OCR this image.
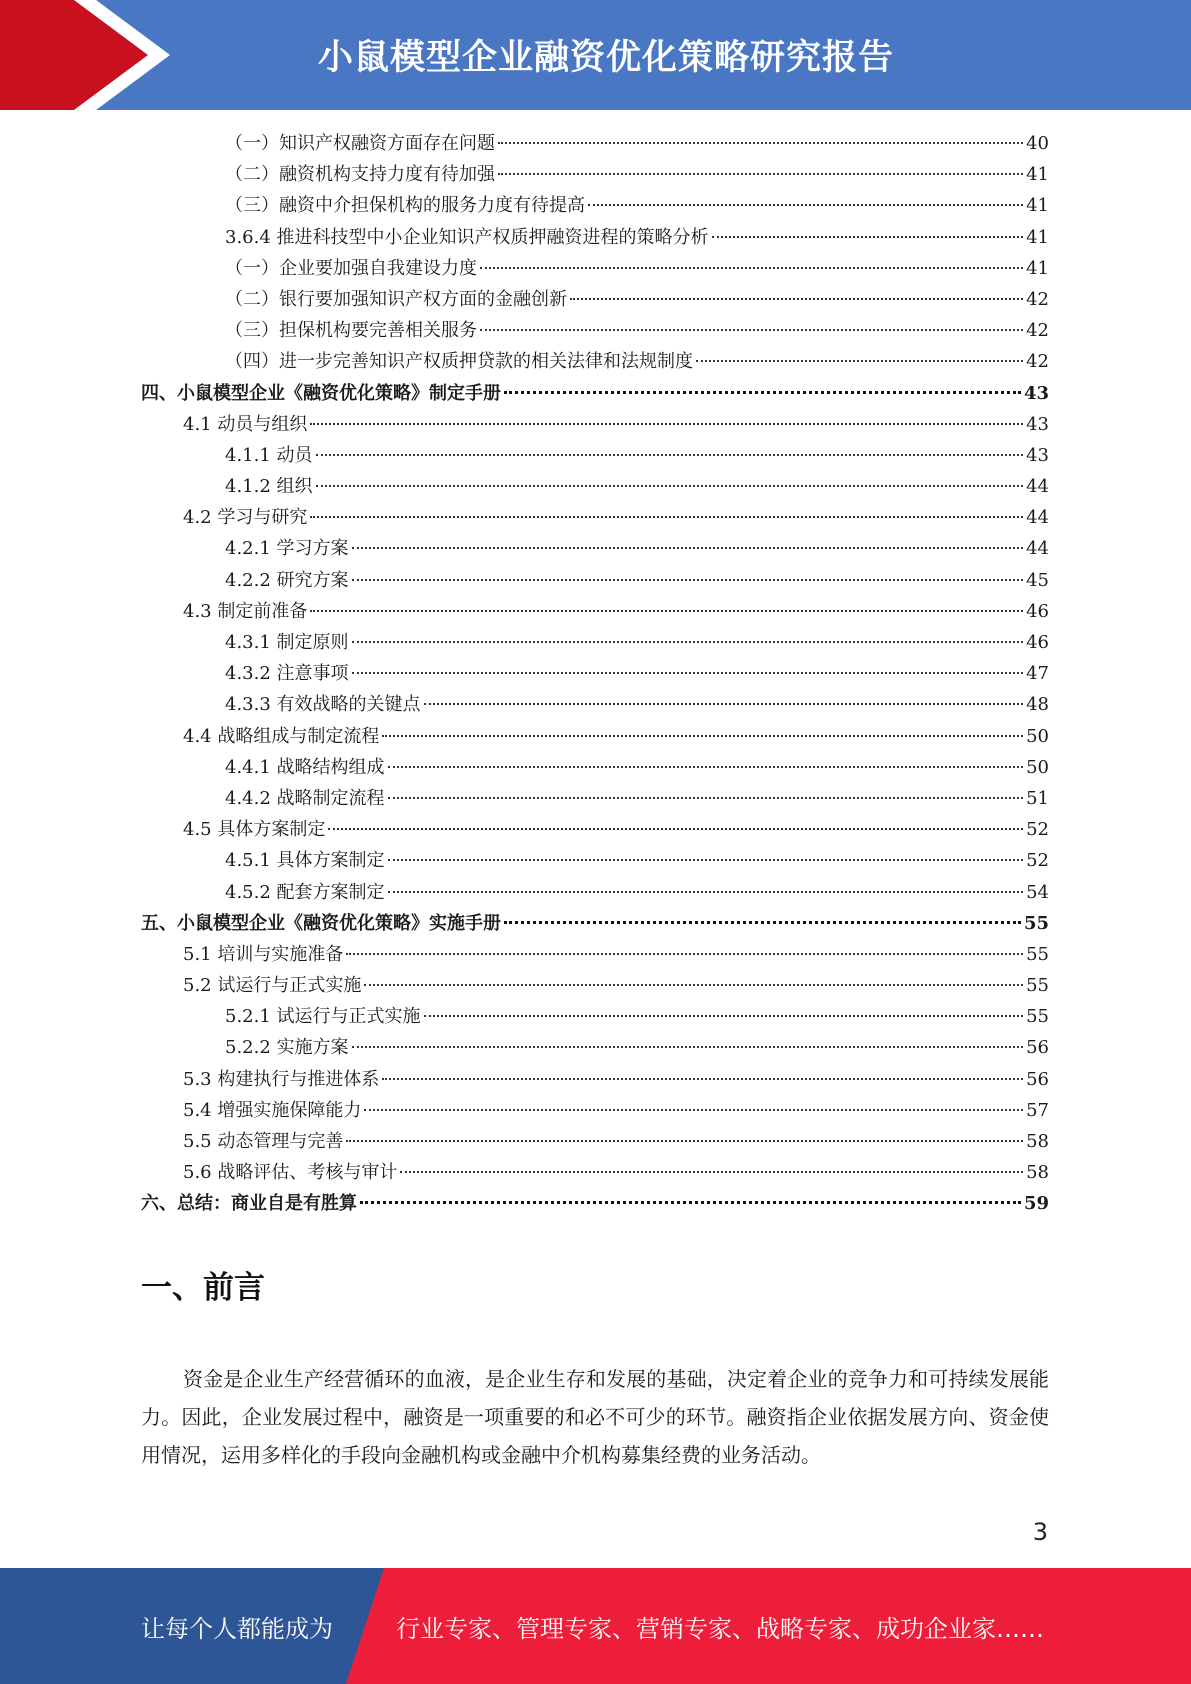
小鼠模型企业融资优化策略研究报告
（一）知识产权融资方面存在问题	40
（二）融资机构支持力度有待加强	41
（三）融资中介担保机构的服务力度有待提高	41
3.6.4 推进科技型中小企业知识产权质押融资进程的策略分析	41
（一）企业要加强自我建设力度	41
（二）银行要加强知识产权方面的金融创新	42
（三）担保机构要完善相关服务	42
（四）进一步完善知识产权质押贷款的相关法律和法规制度	42
四、小鼠模型企业《融资优化策略》制定手册	43
4.1 动员与组织	43
4.1.1 动员	43
4.1.2 组织	44
4.2 学习与研究	44
4.2.1 学习方案	44
4.2.2 研究方案	45
4.3 制定前准备	46
4.3.1 制定原则	46
4.3.2 注意事项	47
4.3.3 有效战略的关键点	48
4.4 战略组成与制定流程	50
4.4.1 战略结构组成	50
4.4.2 战略制定流程	51
4.5 具体方案制定	52
4.5.1 具体方案制定	52
4.5.2 配套方案制定	54
五、小鼠模型企业《融资优化策略》实施手册	55
5.1 培训与实施准备	55
5.2 试运行与正式实施	55
5.2.1 试运行与正式实施	55
5.2.2 实施方案	56
5.3 构建执行与推进体系	56
5.4 增强实施保障能力	57
5.5 动态管理与完善	58
5.6 战略评估、考核与审计	58
六、总结：商业自是有胜算	59
一、前言
资金是企业生产经营循环的血液，是企业生存和发展的基础，决定着企业的竞争力和可持续发展能力。因此，企业发展过程中，融资是一项重要的和必不可少的环节。融资指企业依据发展方向、资金使用情况，运用多样化的手段向金融机构或金融中介机构募集经费的业务活动。
3
让每个人都能成为	行业专家、管理专家、营销专家、战略专家、成功企业家……
